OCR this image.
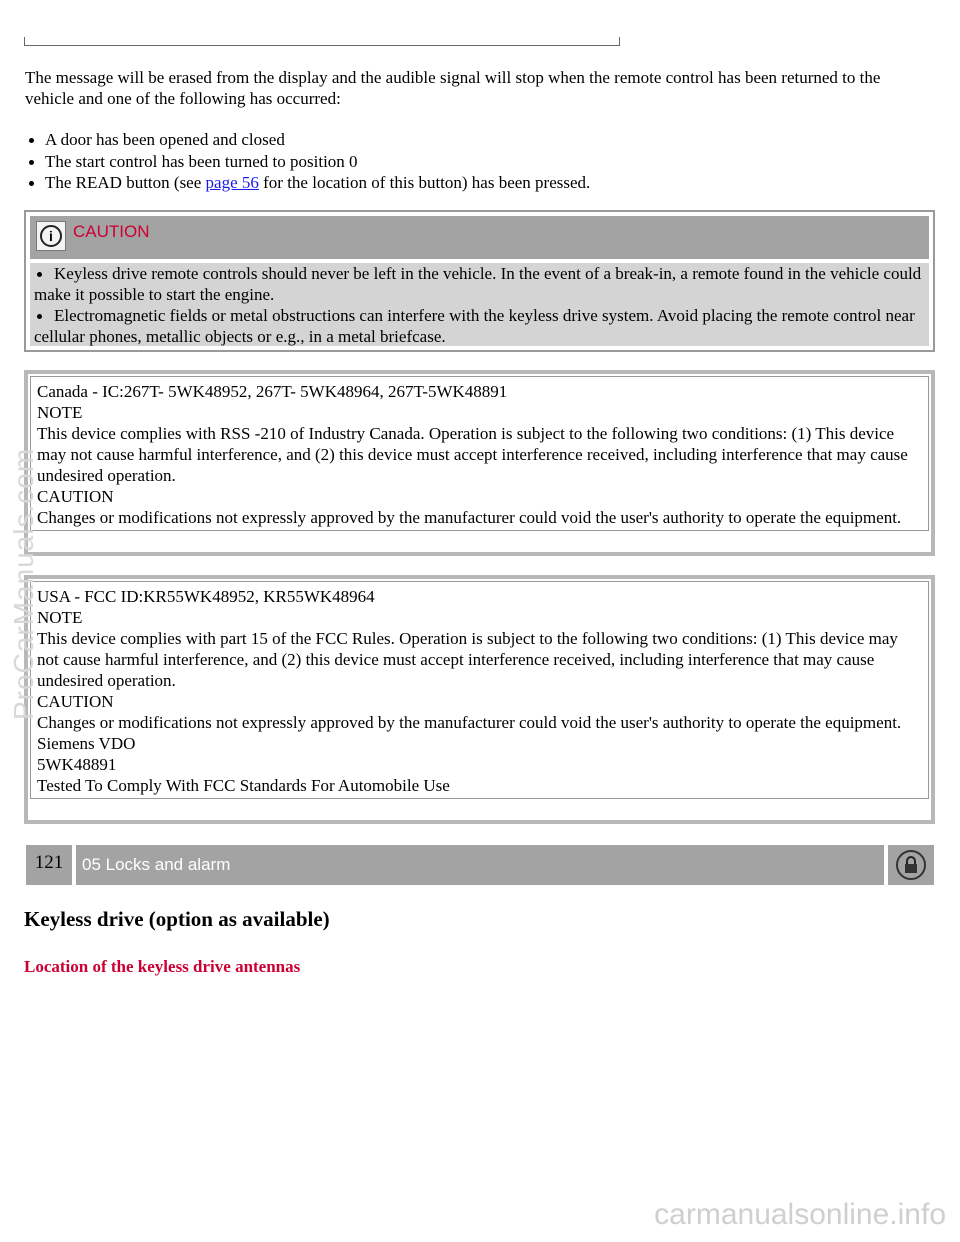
The message will be erased from the display and the audible signal will stop when the remote control has been returned to the vehicle and one of the following has occurred:

A door has been opened and closed
The start control has been turned to position 0
The READ button (see page 56 for the location of this button) has been pressed.
i	CAUTION
Keyless drive remote controls should never be left in the vehicle. In the event of a break-in, a remote found in the vehicle could make it possible to start the engine.
Electromagnetic fields or metal obstructions can interfere with the keyless drive system. Avoid placing the remote control near cellular phones, metallic objects or e.g., in a metal briefcase.
Canada - IC:267T- 5WK48952, 267T- 5WK48964, 267T-5WK48891
NOTE
This device complies with RSS -210 of Industry Canada. Operation is subject to the following two conditions: (1) This device may not cause harmful interference, and (2) this device must accept interference received, including interference that may cause undesired operation.
CAUTION
Changes or modifications not expressly approved by the manufacturer could void the user's authority to operate the equipment.
USA - FCC ID:KR55WK48952, KR55WK48964
NOTE
This device complies with part 15 of the FCC Rules. Operation is subject to the following two conditions: (1) This device may not cause harmful interference, and (2) this device must accept interference received, including interference that may cause undesired operation.
CAUTION
Changes or modifications not expressly approved by the manufacturer could void the user's authority to operate the equipment.
Siemens VDO
5WK48891
Tested To Comply With FCC Standards For Automobile Use
121	05 Locks and alarm
Keyless drive (option as available)
Location of the keyless drive antennas
ProCarManuals.com
carmanualsonline.info
